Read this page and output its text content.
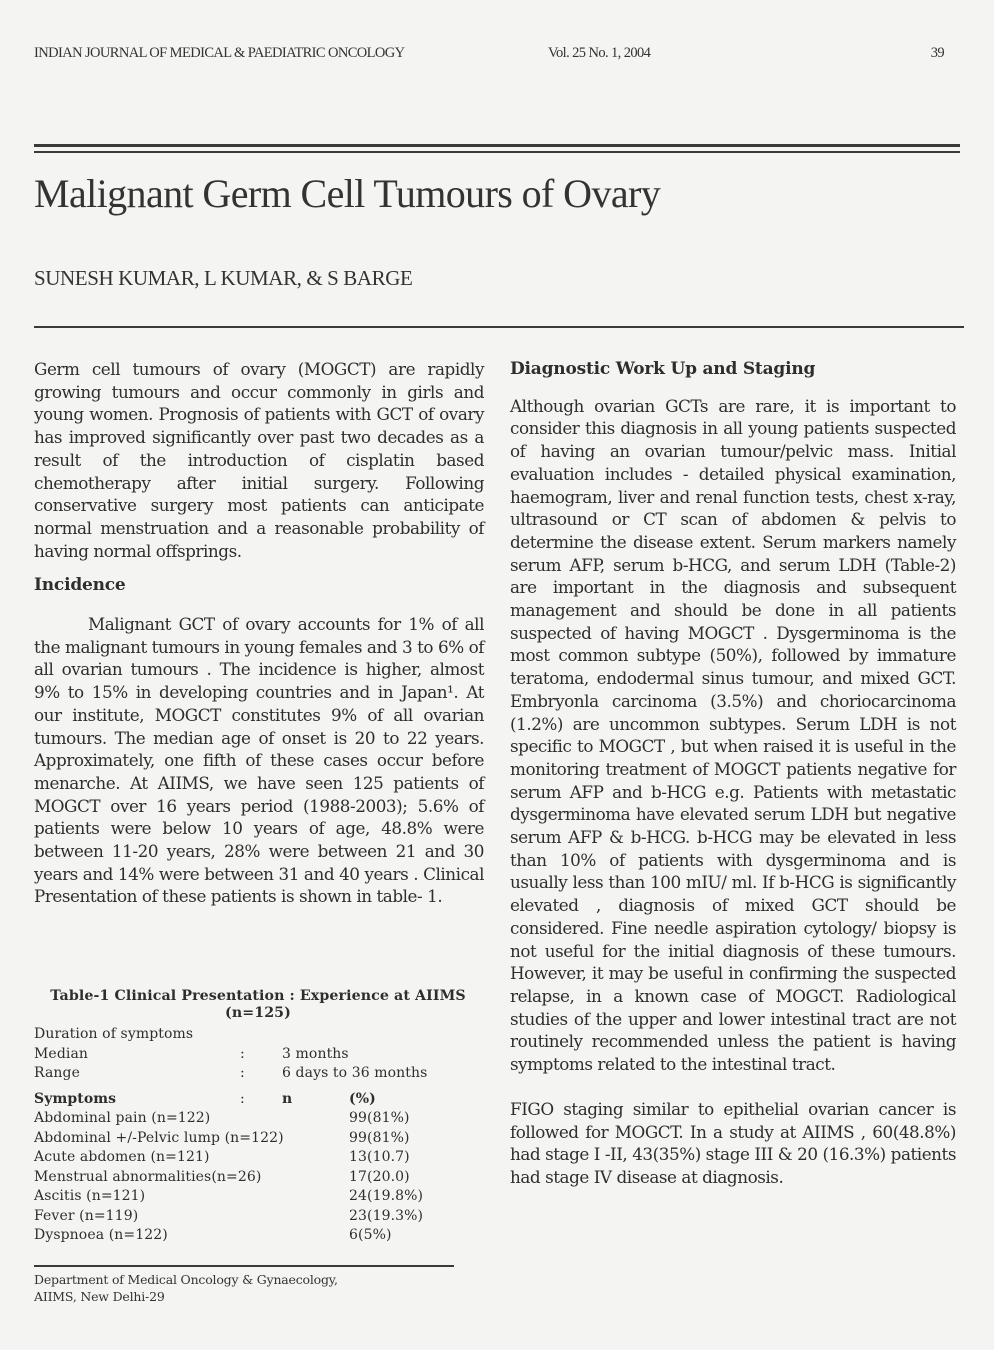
INDIAN JOURNAL OF MEDICAL & PAEDIATRIC ONCOLOGY	Vol. 25 No. 1, 2004	39
Malignant Germ Cell Tumours of Ovary
SUNESH KUMAR, L KUMAR, & S BARGE

Germ cell tumours of ovary (MOGCT) are rapidly growing tumours and occur commonly in girls and young women. Prognosis of patients with GCT of ovary has improved significantly over past two decades as a result of the introduction of cisplatin based chemotherapy after initial surgery. Following conservative surgery most patients can anticipate normal menstruation and a reasonable probability of having normal offsprings.

Incidence

Malignant GCT of ovary accounts for 1% of all the malignant tumours in young females and 3 to 6% of all ovarian tumours . The incidence is higher, almost 9% to 15% in developing countries and in Japan¹. At our institute, MOGCT constitutes 9% of all ovarian tumours. The median age of onset is 20 to 22 years. Approximately, one fifth of these cases occur before menarche. At AIIMS, we have seen 125 patients of MOGCT over 16 years period (1988-2003); 5.6% of patients were below 10 years of age, 48.8% were between 11-20 years, 28% were between 21 and 30 years and 14% were between 31 and 40 years . Clinical Presentation of these patients is shown in table- 1.

Table-1 Clinical Presentation : Experience at AIIMS (n=125)
Duration of symptoms
Median	:	3 months
Range	:	6 days to 36 months
Symptoms	:	n	(%)
Abdominal pain (n=122)	99(81%)
Abdominal +/-Pelvic lump (n=122)	99(81%)
Acute abdomen (n=121)	13(10.7)
Menstrual abnormalities(n=26)	17(20.0)
Ascitis (n=121)	24(19.8%)
Fever (n=119)	23(19.3%)
Dyspnoea (n=122)	6(5%)
Department of Medical Oncology & Gynaecology,
AIIMS, New Delhi-29
Diagnostic Work Up and Staging

Although ovarian GCTs are rare, it is important to consider this diagnosis in all young patients suspected of having an ovarian tumour/pelvic mass. Initial evaluation includes - detailed physical examination, haemogram, liver and renal function tests, chest x-ray, ultrasound or CT scan of abdomen & pelvis to determine the disease extent. Serum markers namely serum AFP, serum b-HCG, and serum LDH (Table-2) are important in the diagnosis and subsequent management and should be done in all patients suspected of having MOGCT . Dysgerminoma is the most common subtype (50%), followed by immature teratoma, endodermal sinus tumour, and mixed GCT. Embryonla carcinoma (3.5%) and choriocarcinoma (1.2%) are uncommon subtypes. Serum LDH is not specific to MOGCT , but when raised it is useful in the monitoring treatment of MOGCT patients negative for serum AFP and b-HCG e.g. Patients with metastatic dysgerminoma have elevated serum LDH but negative serum AFP & b-HCG. b-HCG may be elevated in less than 10% of patients with dysgerminoma and is usually less than 100 mIU/ ml. If b-HCG is significantly elevated , diagnosis of mixed GCT should be considered. Fine needle aspiration cytology/ biopsy is not useful for the initial diagnosis of these tumours. However, it may be useful in confirming the suspected relapse, in a known case of MOGCT. Radiological studies of the upper and lower intestinal tract are not routinely recommended unless the patient is having symptoms related to the intestinal tract.

FIGO staging similar to epithelial ovarian cancer is followed for MOGCT. In a study at AIIMS , 60(48.8%) had stage I -II, 43(35%) stage III & 20 (16.3%) patients had stage IV disease at diagnosis.
